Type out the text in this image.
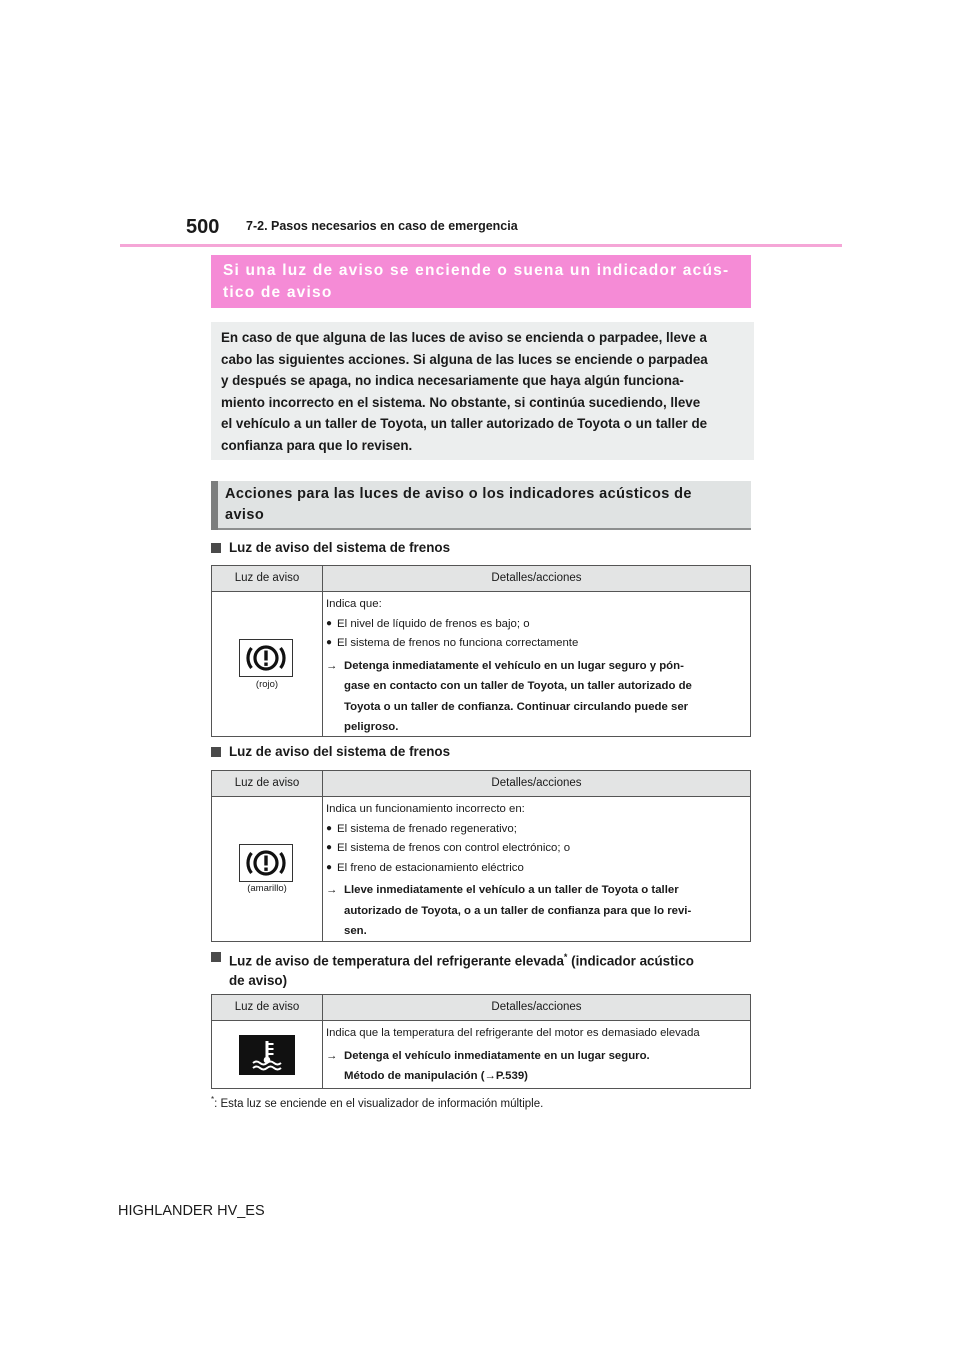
500 7-2. Pasos necesarios en caso de emergencia
Si una luz de aviso se enciende o suena un indicador acús-
tico de aviso
En caso de que alguna de las luces de aviso se encienda o parpadee, lleve a
cabo las siguientes acciones. Si alguna de las luces se enciende o parpadea
y después se apaga, no indica necesariamente que haya algún funciona-
miento incorrecto en el sistema. No obstante, si continúa sucediendo, lleve
el vehículo a un taller de Toyota, un taller autorizado de Toyota o un taller de
confianza para que lo revisen.
Acciones para las luces de aviso o los indicadores acústicos de
aviso
Luz de aviso del sistema de frenos
Luz de aviso	Detalles/acciones
(rojo)
Indica que:
● El nivel de líquido de frenos es bajo; o
● El sistema de frenos no funciona correctamente
→ Detenga inmediatamente el vehículo en un lugar seguro y pón-
gase en contacto con un taller de Toyota, un taller autorizado de
Toyota o un taller de confianza. Continuar circulando puede ser
peligroso.
Luz de aviso del sistema de frenos
Luz de aviso	Detalles/acciones
(amarillo)
Indica un funcionamiento incorrecto en:
● El sistema de frenado regenerativo;
● El sistema de frenos con control electrónico; o
● El freno de estacionamiento eléctrico
→ Lleve inmediatamente el vehículo a un taller de Toyota o taller
autorizado de Toyota, o a un taller de confianza para que lo revi-
sen.
Luz de aviso de temperatura del refrigerante elevada* (indicador acústico
de aviso)
Luz de aviso	Detalles/acciones
Indica que la temperatura del refrigerante del motor es demasiado elevada
→ Detenga el vehículo inmediatamente en un lugar seguro.
Método de manipulación (→P.539)
*: Esta luz se enciende en el visualizador de información múltiple.
HIGHLANDER HV_ES
